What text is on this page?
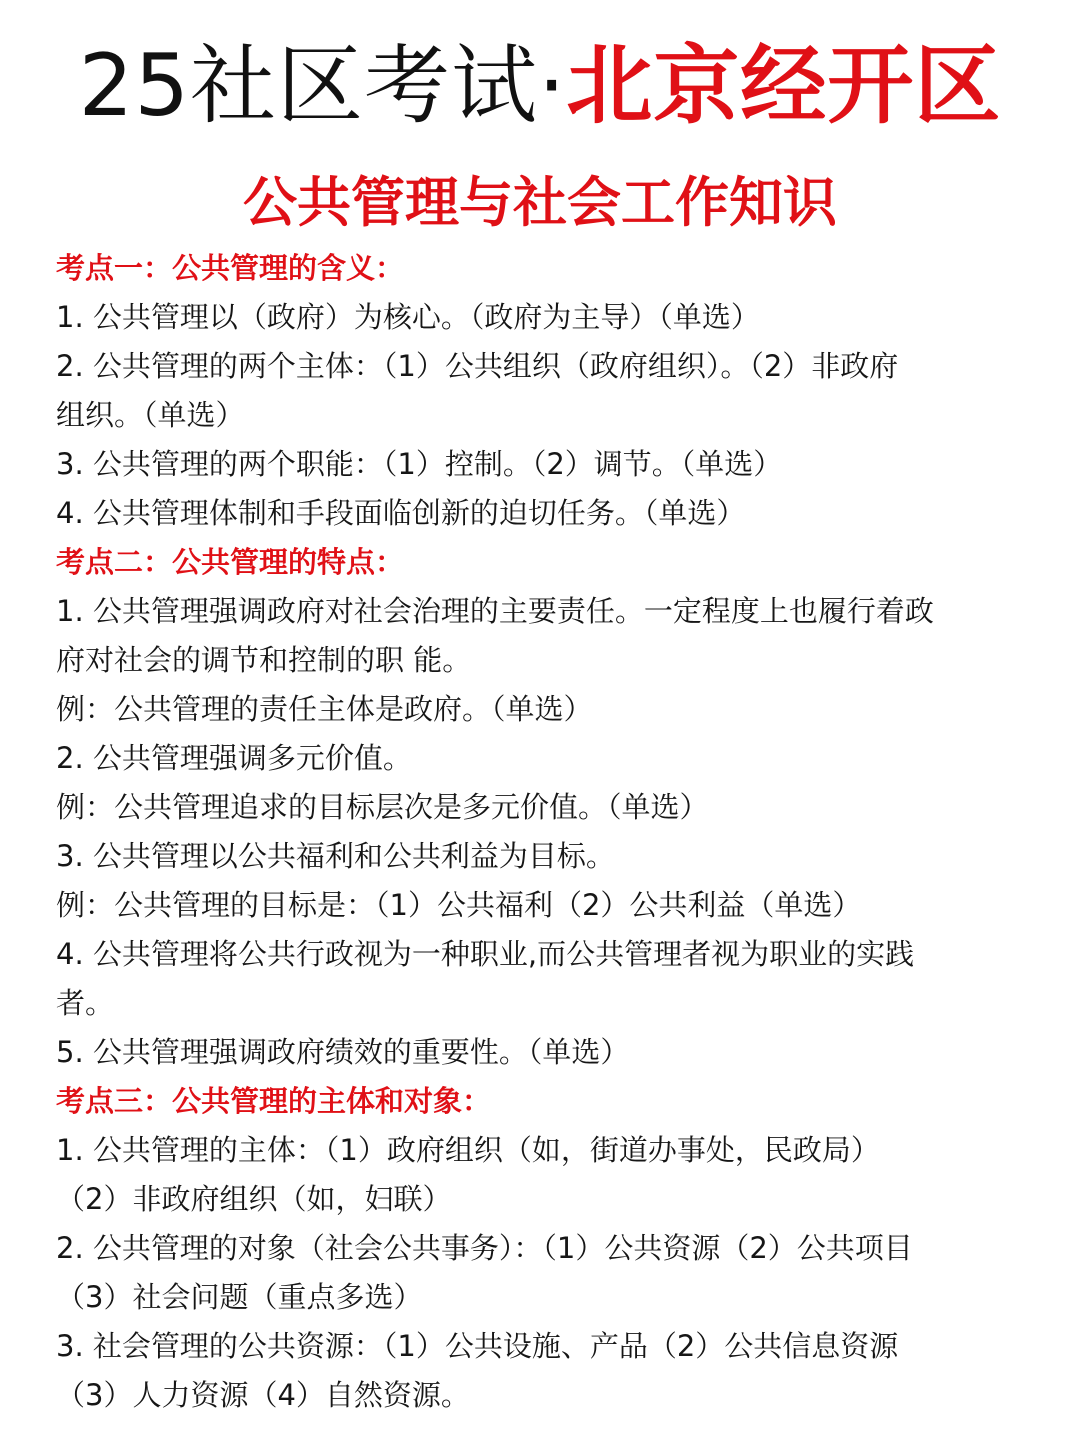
25社区考试·北京经开区
公共管理与社会工作知识
考点一：公共管理的含义：
1. 公共管理以（政府）为核心。（政府为主导）（单选）
2. 公共管理的两个主体：（1）公共组织（政府组织）。（2）非政府
组织。（单选）
3. 公共管理的两个职能：（1）控制。（2）调节。（单选）
4. 公共管理体制和手段面临创新的迫切任务。（单选）
考点二：公共管理的特点：
1. 公共管理强调政府对社会治理的主要责任。一定程度上也履行着政
府对社会的调节和控制的职 能。
例：公共管理的责任主体是政府。（单选）
2. 公共管理强调多元价值。
例：公共管理追求的目标层次是多元价值。（单选）
3. 公共管理以公共福利和公共利益为目标。
例：公共管理的目标是：（1）公共福利（2）公共利益（单选）
4. 公共管理将公共行政视为一种职业,而公共管理者视为职业的实践
者。
5. 公共管理强调政府绩效的重要性。（单选）
考点三：公共管理的主体和对象：
1. 公共管理的主体：（1）政府组织（如，街道办事处，民政局）
（2）非政府组织（如，妇联）
2. 公共管理的对象（社会公共事务）：（1）公共资源（2）公共项目
（3）社会问题（重点多选）
3. 社会管理的公共资源：（1）公共设施、产品（2）公共信息资源
（3）人力资源（4）自然资源。
